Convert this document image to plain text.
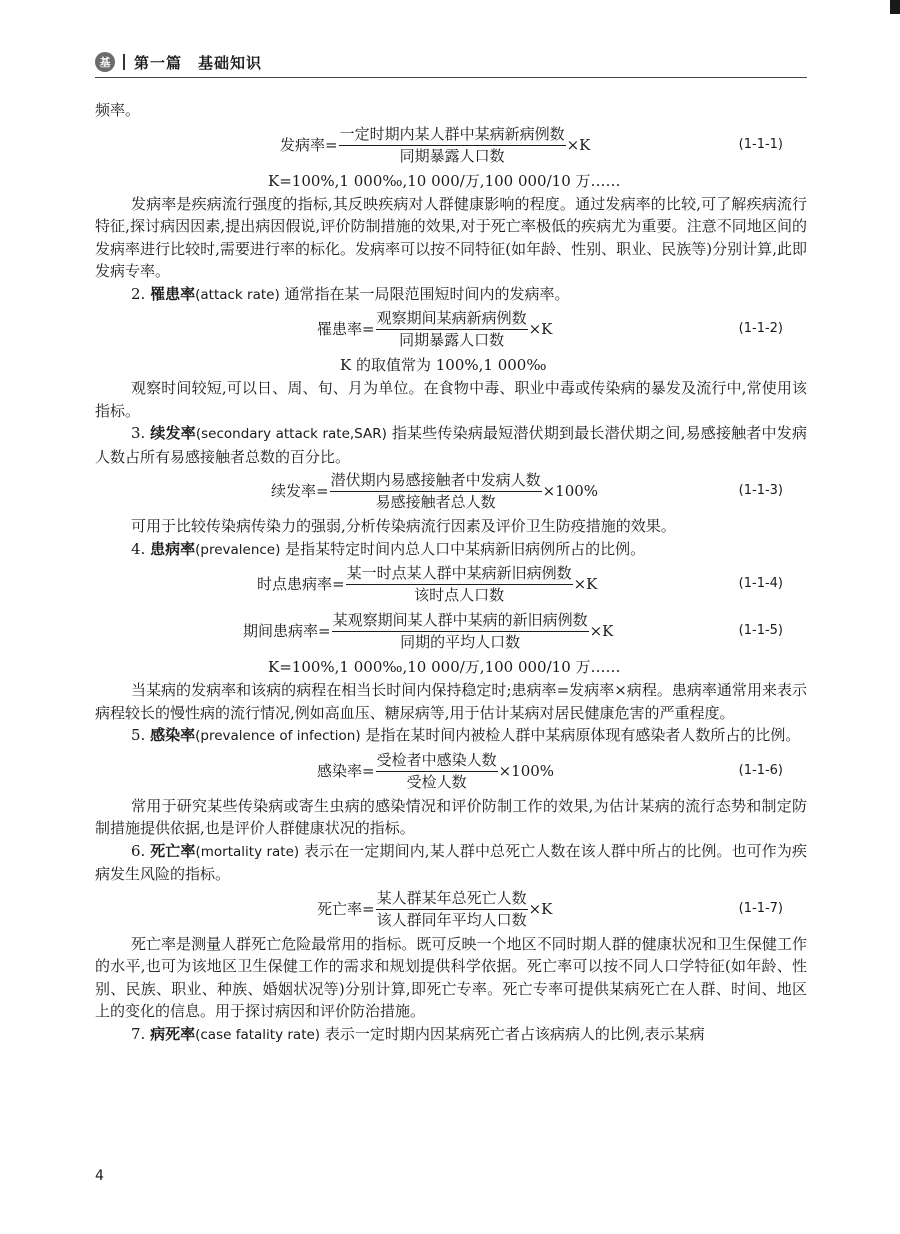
基	第一篇　基础知识

频率。

发病率= $\frac{\text{一定时期内某人群中某病新病例数}}{\text{同期暴露人口数}} \times K$	(1-1-1)
K=100%,1 000‰,10 000/万,100 000/10 万……

发病率是疾病流行强度的指标,其反映疾病对人群健康影响的程度。通过发病率的比较,可了解疾病流行特征,探讨病因因素,提出病因假说,评价防制措施的效果,对于死亡率极低的疾病尤为重要。注意不同地区间的发病率进行比较时,需要进行率的标化。发病率可以按不同特征(如年龄、性别、职业、民族等)分别计算,此即发病专率。

2. 罹患率(attack rate) 通常指在某一局限范围短时间内的发病率。

罹患率= $\frac{\text{观察期间某病新病例数}}{\text{同期暴露人口数}} \times K$	(1-1-2)
K 的取值常为 100%,1 000‰

观察时间较短,可以日、周、旬、月为单位。在食物中毒、职业中毒或传染病的暴发及流行中,常使用该指标。

3. 续发率(secondary attack rate,SAR) 指某些传染病最短潜伏期到最长潜伏期之间,易感接触者中发病人数占所有易感接触者总数的百分比。

续发率= $\frac{\text{潜伏期内易感接触者中发病人数}}{\text{易感接触者总人数}} \times 100\%$	(1-1-3)

可用于比较传染病传染力的强弱,分析传染病流行因素及评价卫生防疫措施的效果。

4. 患病率(prevalence) 是指某特定时间内总人口中某病新旧病例所占的比例。

时点患病率= $\frac{\text{某一时点某人群中某病新旧病例数}}{\text{该时点人口数}} \times K$	(1-1-4)
期间患病率= $\frac{\text{某观察期间某人群中某病的新旧病例数}}{\text{同期的平均人口数}} \times K$	(1-1-5)
K=100%,1 000‰,10 000/万,100 000/10 万……

当某病的发病率和该病的病程在相当长时间内保持稳定时;患病率=发病率×病程。患病率通常用来表示病程较长的慢性病的流行情况,例如高血压、糖尿病等,用于估计某病对居民健康危害的严重程度。

5. 感染率(prevalence of infection) 是指在某时间内被检人群中某病原体现有感染者人数所占的比例。

感染率= $\frac{\text{受检者中感染人数}}{\text{受检人数}} \times 100\%$	(1-1-6)

常用于研究某些传染病或寄生虫病的感染情况和评价防制工作的效果,为估计某病的流行态势和制定防制措施提供依据,也是评价人群健康状况的指标。

6. 死亡率(mortality rate) 表示在一定期间内,某人群中总死亡人数在该人群中所占的比例。也可作为疾病发生风险的指标。

死亡率= $\frac{\text{某人群某年总死亡人数}}{\text{该人群同年平均人口数}} \times K$	(1-1-7)

死亡率是测量人群死亡危险最常用的指标。既可反映一个地区不同时期人群的健康状况和卫生保健工作的水平,也可为该地区卫生保健工作的需求和规划提供科学依据。死亡率可以按不同人口学特征(如年龄、性别、民族、职业、种族、婚姻状况等)分别计算,即死亡专率。死亡专率可提供某病死亡在人群、时间、地区上的变化的信息。用于探讨病因和评价防治措施。

7. 病死率(case fatality rate) 表示一定时期内因某病死亡者占该病病人的比例,表示某病

4
